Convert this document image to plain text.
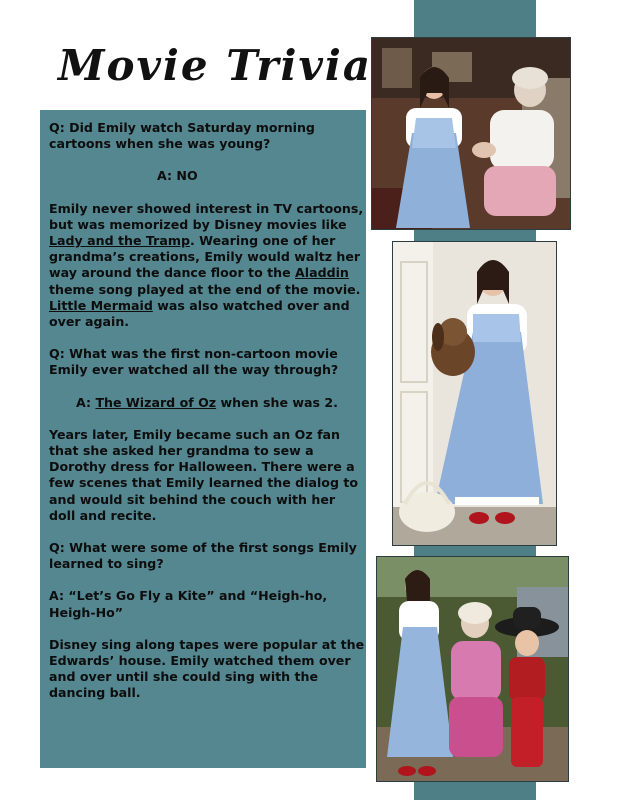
Movie Trivia

Q: Did Emily watch Saturday morning cartoons when she was young?

A: NO

Emily never showed interest in TV cartoons, but was memorized by Disney movies like Lady and the Tramp. Wearing one of her grandma’s creations, Emily would waltz her way around the dance floor to the Aladdin theme song played at the end of the movie. Little Mermaid was also watched over and over again.

Q: What was the first non-cartoon movie Emily ever watched all the way through?

A: The Wizard of Oz when she was 2.

Years later, Emily became such an Oz fan that she asked her grandma to sew a Dorothy dress for Halloween. There were a few scenes that Emily learned the dialog to and would sit behind the couch with her doll and recite.

Q: What were some of the first songs Emily learned to sing?

A: “Let’s Go Fly a Kite” and “Heigh-ho, Heigh-Ho”

Disney sing along tapes were popular at the Edwards’ house. Emily watched them over and over until she could sing with the dancing ball.
